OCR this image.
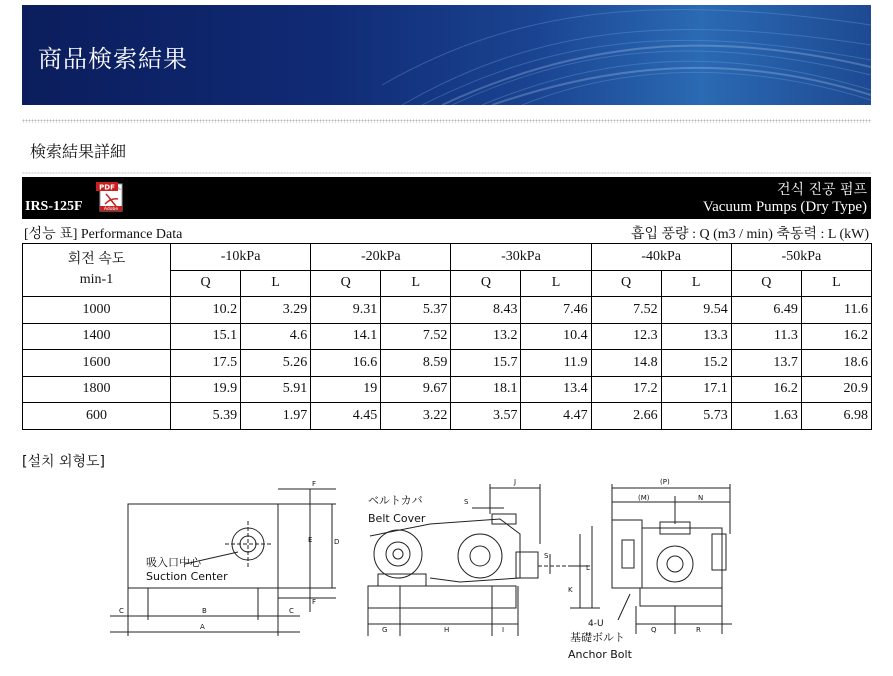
商品検索結果
検索結果詳細
IRS-125F
PDF
Adobe
건식 진공 펌프
Vacuum Pumps (Dry Type)
[성능 표] Performance Data	흡입 풍량 : Q (m3 / min) 축동력 : L (kW)
회전 속도
min-1	-10kPa		-20kPa		-30kPa		-40kPa		-50kPa	
	Q	L	Q	L	Q	L	Q	L	Q	L
1000	10.2	3.29	9.31	5.37	8.43	7.46	7.52	9.54	6.49	11.6
1400	15.1	4.6	14.1	7.52	13.2	10.4	12.3	13.3	11.3	16.2
1600	17.5	5.26	16.6	8.59	15.7	11.9	14.8	15.2	13.7	18.6
1800	19.9	5.91	19	9.67	18.1	13.4	17.2	17.1	16.2	20.9
600	5.39	1.97	4.45	3.22	3.57	4.47	2.66	5.73	1.63	6.98
[설치 외형도]
C	B	C
A
F
F
E	D
G	H	I
J
K
L
S
S
(P)
(M)	N
Q	R
吸入口中心
Suction Center
ベルトカバ
Belt Cover
4-U
基礎ボルト
Anchor Bolt
